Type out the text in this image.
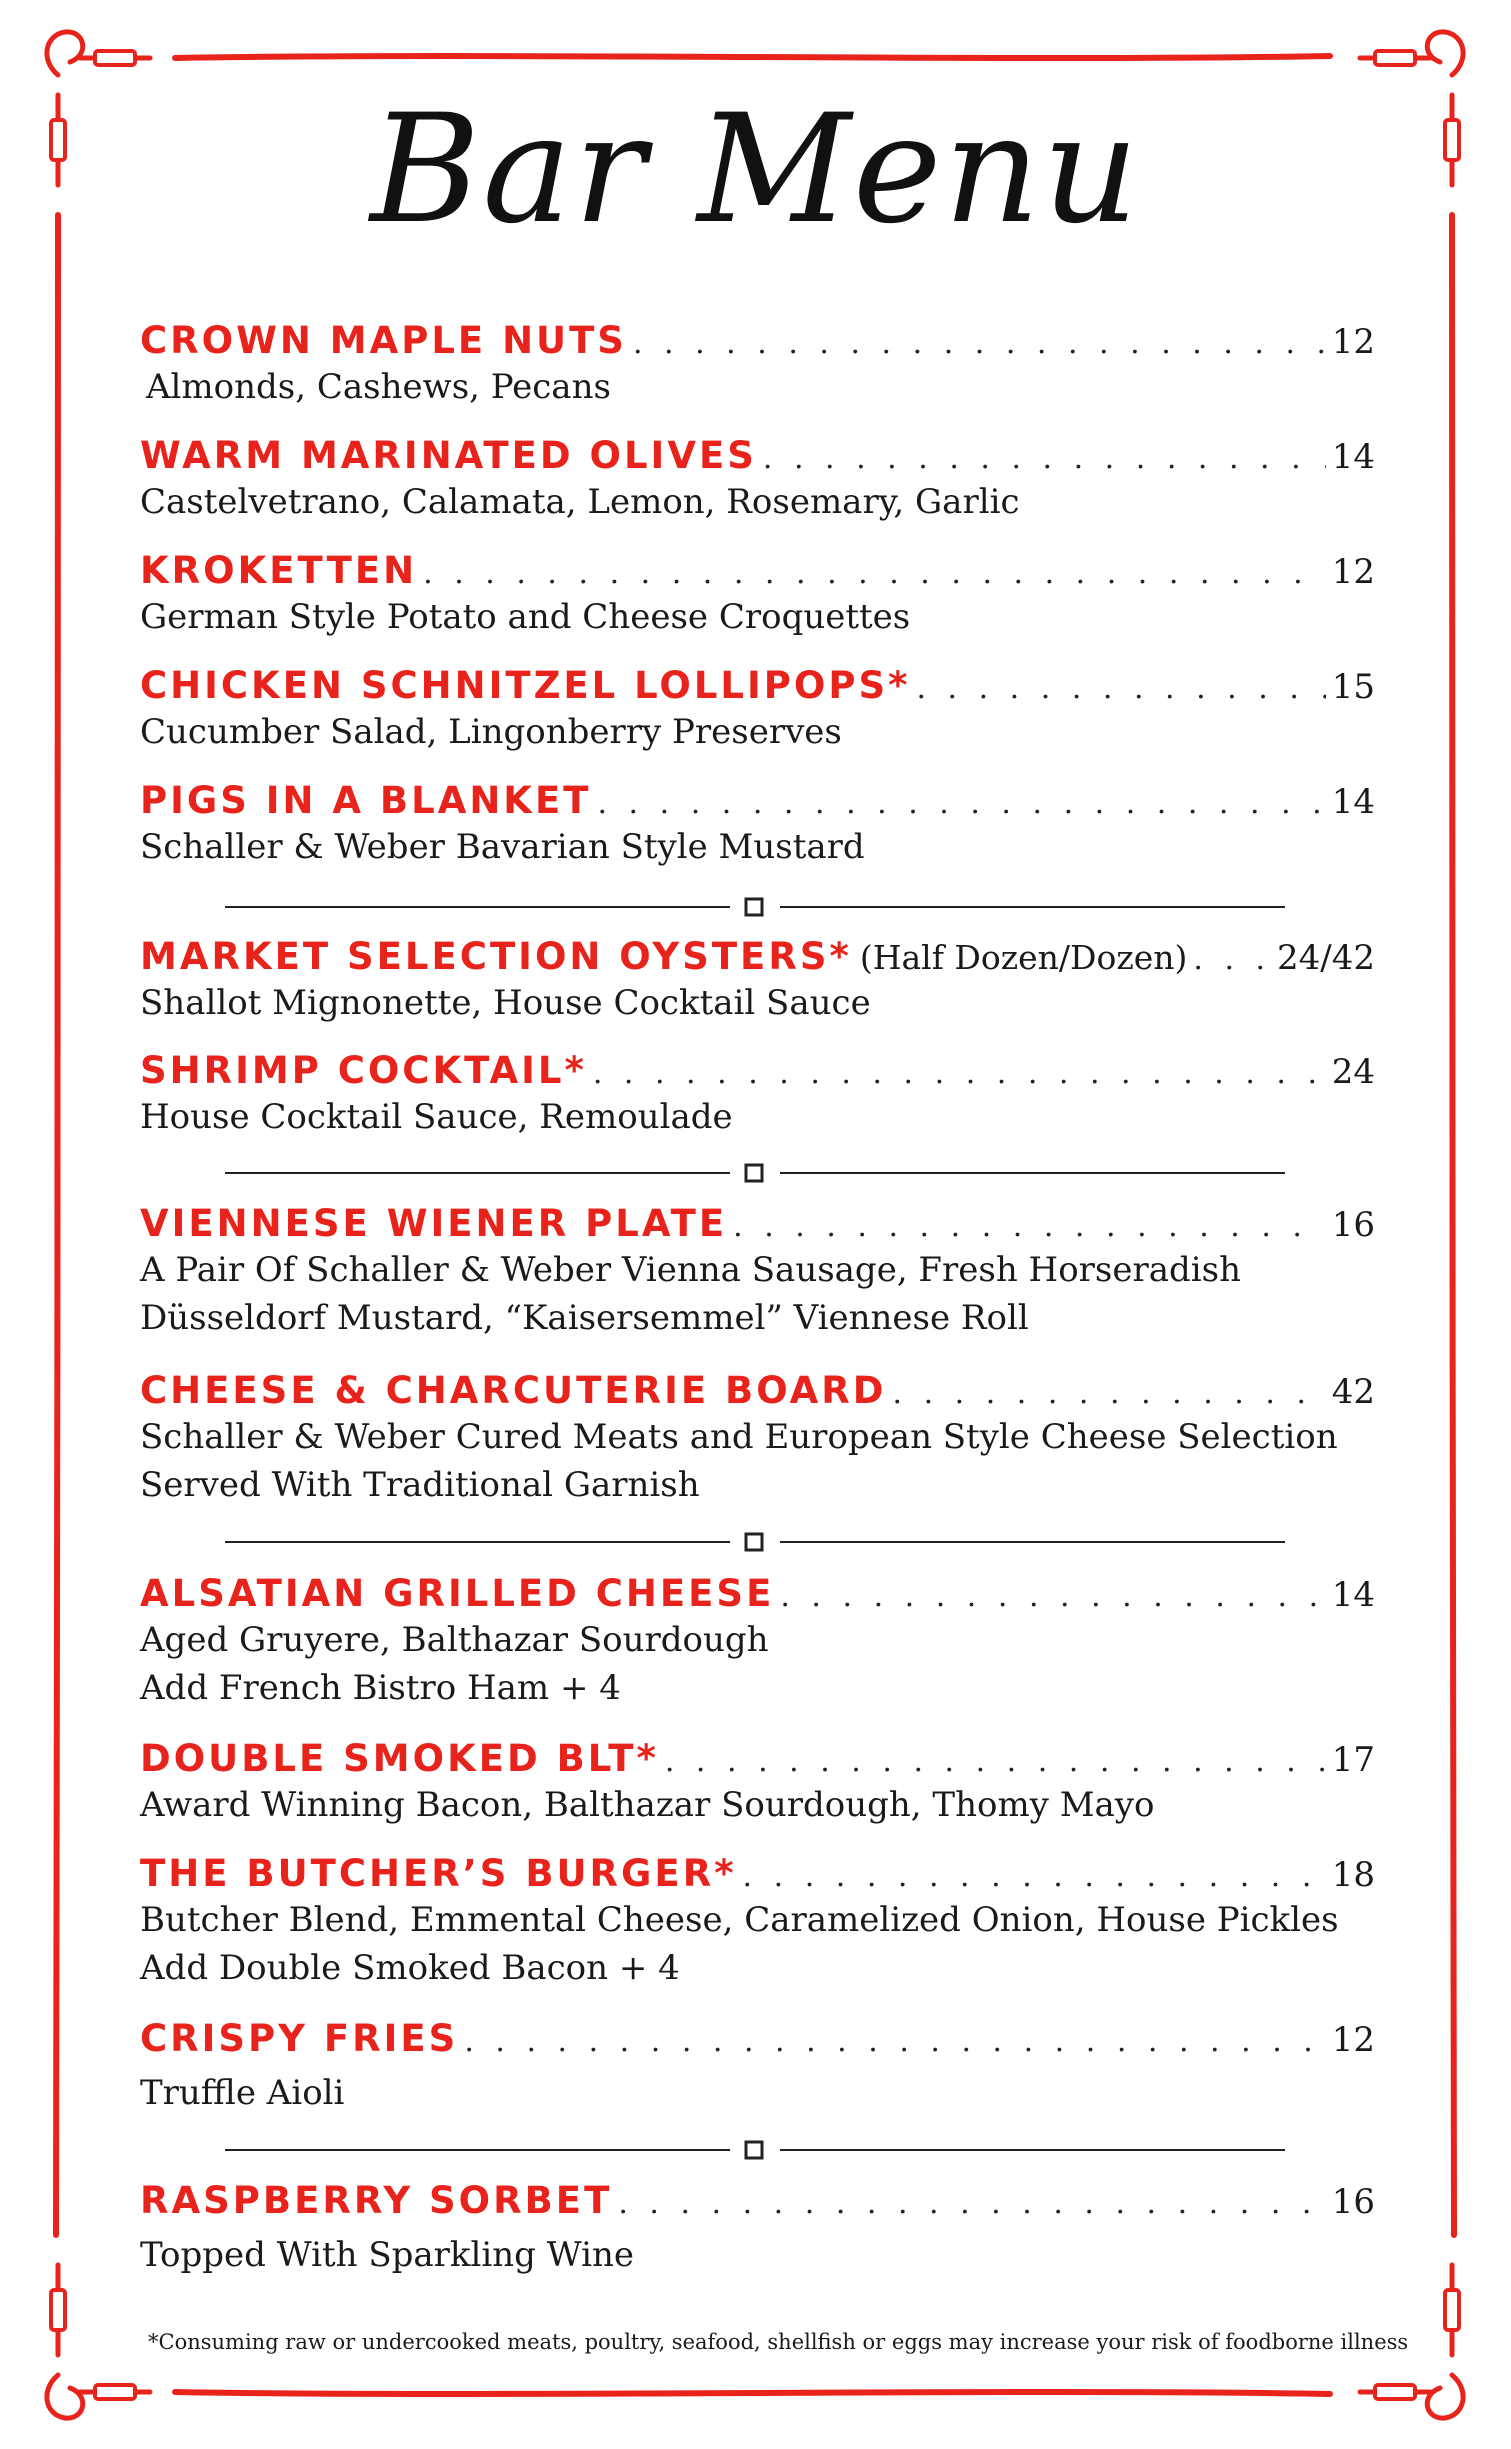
Bar Menu
CROWN MAPLE NUTS . . .	12
Almonds, Cashews, Pecans
WARM MARINATED OLIVES . . .	14
Castelvetrano, Calamata, Lemon, Rosemary, Garlic
KROKETTEN . . .	12
German Style Potato and Cheese Croquettes
CHICKEN SCHNITZEL LOLLIPOPS* . . .	15
Cucumber Salad, Lingonberry Preserves
PIGS IN A BLANKET . . .	14
Schaller & Weber Bavarian Style Mustard
MARKET SELECTION OYSTERS* (Half Dozen/Dozen) . . .	24/42
Shallot Mignonette, House Cocktail Sauce
SHRIMP COCKTAIL* . . .	24
House Cocktail Sauce, Remoulade
VIENNESE WIENER PLATE . . .	16
A Pair Of Schaller & Weber Vienna Sausage, Fresh Horseradish
Düsseldorf Mustard, “Kaisersemmel” Viennese Roll
CHEESE & CHARCUTERIE BOARD . . .	42
Schaller & Weber Cured Meats and European Style Cheese Selection
Served With Traditional Garnish
ALSATIAN GRILLED CHEESE . . .	14
Aged Gruyere, Balthazar Sourdough
Add French Bistro Ham + 4
DOUBLE SMOKED BLT* . . .	17
Award Winning Bacon, Balthazar Sourdough, Thomy Mayo
THE BUTCHER’S BURGER* . . .	18
Butcher Blend, Emmental Cheese, Caramelized Onion, House Pickles
Add Double Smoked Bacon + 4
CRISPY FRIES . . .	12
Truffle Aioli
RASPBERRY SORBET . . .	16
Topped With Sparkling Wine
*Consuming raw or undercooked meats, poultry, seafood, shellfish or eggs may increase your risk of foodborne illness
